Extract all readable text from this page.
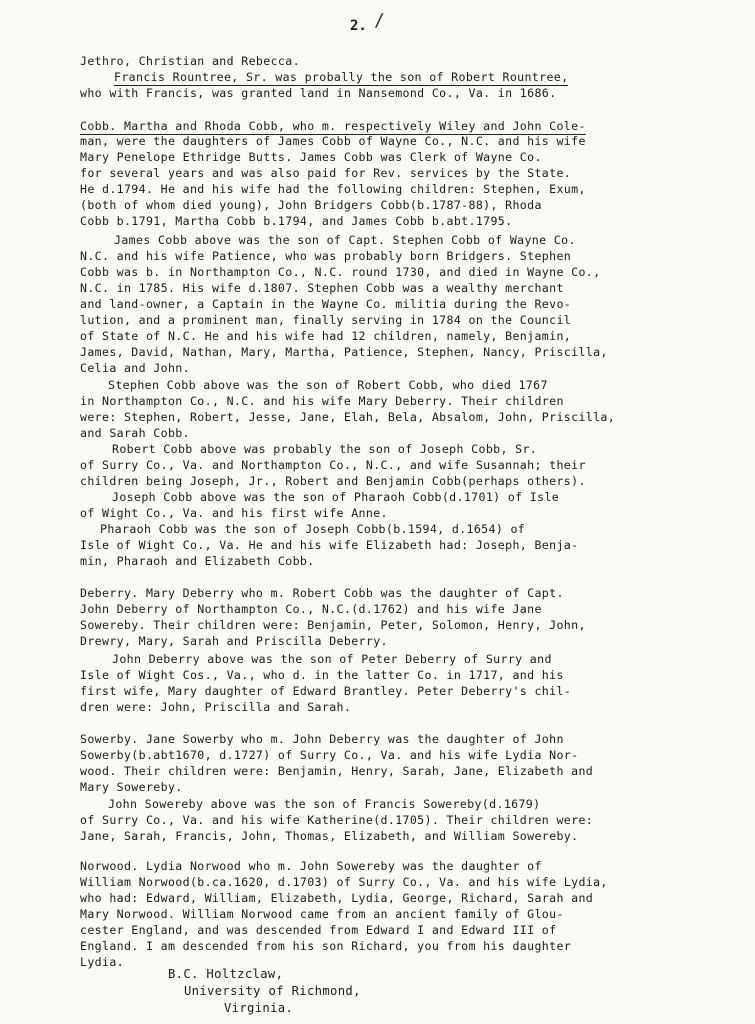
2. /
Jethro, Christian and Rebecca.
Francis Rountree, Sr. was probally the son of Robert Rountree,
who with Francis, was granted land in Nansemond Co., Va. in 1686.
Cobb. Martha and Rhoda Cobb, who m. respectively Wiley and John Cole-
man, were the daughters of James Cobb of Wayne Co., N.C. and his wife
Mary Penelope Ethridge Butts. James Cobb was Clerk of Wayne Co.
for several years and was also paid for Rev. services by the State.
He d.1794. He and his wife had the following children: Stephen, Exum,
(both of whom died young), John Bridgers Cobb(b.1787-88), Rhoda
Cobb b.1791, Martha Cobb b.1794, and James Cobb b.abt.1795.
James Cobb above was the son of Capt. Stephen Cobb of Wayne Co.
N.C. and his wife Patience, who was probably born Bridgers. Stephen
Cobb was b. in Northampton Co., N.C. round 1730, and died in Wayne Co.,
N.C. in 1785. His wife d.1807. Stephen Cobb was a wealthy merchant
and land-owner, a Captain in the Wayne Co. militia during the Revo-
lution, and a prominent man, finally serving in 1784 on the Council
of State of N.C. He and his wife had 12 children, namely, Benjamin,
James, David, Nathan, Mary, Martha, Patience, Stephen, Nancy, Priscilla,
Celia and John.
Stephen Cobb above was the son of Robert Cobb, who died 1767
in Northampton Co., N.C. and his wife Mary Deberry. Their children
were: Stephen, Robert, Jesse, Jane, Elah, Bela, Absalom, John, Priscilla,
and Sarah Cobb.
Robert Cobb above was probably the son of Joseph Cobb, Sr.
of Surry Co., Va. and Northampton Co., N.C., and wife Susannah; their
children being Joseph, Jr., Robert and Benjamin Cobb(perhaps others).
Joseph Cobb above was the son of Pharaoh Cobb(d.1701) of Isle
of Wight Co., Va. and his first wife Anne.
Pharaoh Cobb was the son of Joseph Cobb(b.1594, d.1654) of
Isle of Wight Co., Va. He and his wife Elizabeth had: Joseph, Benja-
min, Pharaoh and Elizabeth Cobb.
Deberry. Mary Deberry who m. Robert Cobb was the daughter of Capt.
John Deberry of Northampton Co., N.C.(d.1762) and his wife Jane
Sowereby. Their children were: Benjamin, Peter, Solomon, Henry, John,
Drewry, Mary, Sarah and Priscilla Deberry.
John Deberry above was the son of Peter Deberry of Surry and
Isle of Wight Cos., Va., who d. in the latter Co. in 1717, and his
first wife, Mary daughter of Edward Brantley. Peter Deberry's chil-
dren were: John, Priscilla and Sarah.
Sowerby. Jane Sowerby who m. John Deberry was the daughter of John
Sowerby(b.abt1670, d.1727) of Surry Co., Va. and his wife Lydia Nor-
wood. Their children were: Benjamin, Henry, Sarah, Jane, Elizabeth and
Mary Sowereby.
John Sowereby above was the son of Francis Sowereby(d.1679)
of Surry Co., Va. and his wife Katherine(d.1705). Their children were:
Jane, Sarah, Francis, John, Thomas, Elizabeth, and William Sowereby.
Norwood. Lydia Norwood who m. John Sowereby was the daughter of
William Norwood(b.ca.1620, d.1703) of Surry Co., Va. and his wife Lydia,
who had: Edward, William, Elizabeth, Lydia, George, Richard, Sarah and
Mary Norwood. William Norwood came from an ancient family of Glou-
cester England, and was descended from Edward I and Edward III of
England. I am descended from his son Richard, you from his daughter
Lydia.
B.C. Holtzclaw,
University of Richmond,
Virginia.
